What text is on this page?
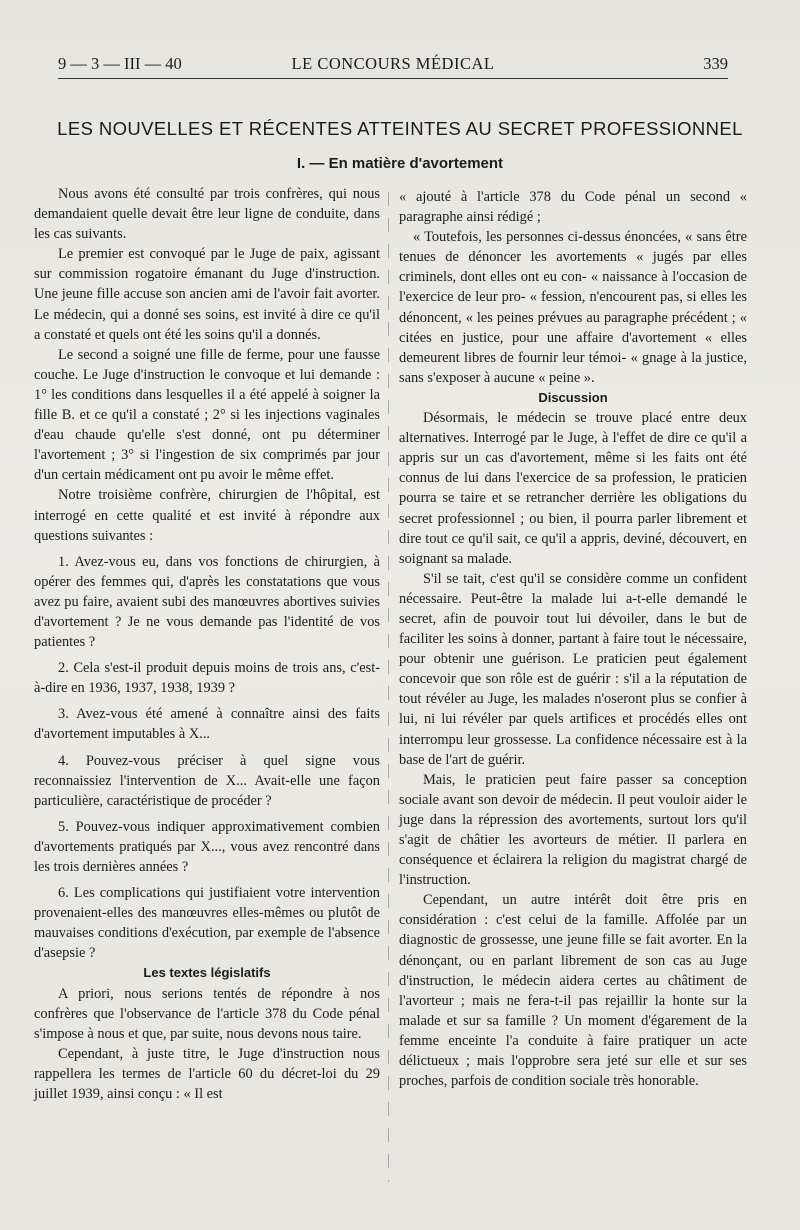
9 — 3 — III — 40	LE CONCOURS MÉDICAL	339
LES NOUVELLES ET RÉCENTES ATTEINTES AU SECRET PROFESSIONNEL
I. — En matière d'avortement

Nous avons été consulté par trois confrères, qui nous demandaient quelle devait être leur ligne de conduite, dans les cas suivants.

Le premier est convoqué par le Juge de paix, agissant sur commission rogatoire émanant du Juge d'instruction. Une jeune fille accuse son ancien ami de l'avoir fait avorter. Le médecin, qui a donné ses soins, est invité à dire ce qu'il a constaté et quels ont été les soins qu'il a donnés.

Le second a soigné une fille de ferme, pour une fausse couche. Le Juge d'instruction le convoque et lui demande : 1° les conditions dans lesquelles il a été appelé à soigner la fille B. et ce qu'il a constaté ; 2° si les injections vaginales d'eau chaude qu'elle s'est donné, ont pu déterminer l'avortement ; 3° si l'ingestion de six comprimés par jour d'un certain médicament ont pu avoir le même effet.

Notre troisième confrère, chirurgien de l'hôpital, est interrogé en cette qualité et est invité à répondre aux questions suivantes :

1. Avez-vous eu, dans vos fonctions de chirurgien, à opérer des femmes qui, d'après les constatations que vous avez pu faire, avaient subi des manœuvres abortives suivies d'avortement ? Je ne vous demande pas l'identité de vos patientes ?

2. Cela s'est-il produit depuis moins de trois ans, c'est-à-dire en 1936, 1937, 1938, 1939 ?

3. Avez-vous été amené à connaître ainsi des faits d'avortement imputables à X...

4. Pouvez-vous préciser à quel signe vous reconnaissiez l'intervention de X... Avait-elle une façon particulière, caractéristique de procéder ?

5. Pouvez-vous indiquer approximativement combien d'avortements pratiqués par X..., vous avez rencontré dans les trois dernières années ?

6. Les complications qui justifiaient votre intervention provenaient-elles des manœuvres elles-mêmes ou plutôt de mauvaises conditions d'exécution, par exemple de l'absence d'asepsie ?

Les textes législatifs

A priori, nous serions tentés de répondre à nos confrères que l'observance de l'article 378 du Code pénal s'impose à nous et que, par suite, nous devons nous taire.

Cependant, à juste titre, le Juge d'instruction nous rappellera les termes de l'article 60 du décret-loi du 29 juillet 1939, ainsi conçu : « Il est

« ajouté à l'article 378 du Code pénal un second « paragraphe ainsi rédigé ;

« Toutefois, les personnes ci-dessus énoncées, « sans être tenues de dénoncer les avortements « jugés par elles criminels, dont elles ont eu con- « naissance à l'occasion de l'exercice de leur pro- « fession, n'encourent pas, si elles les dénoncent, « les peines prévues au paragraphe précédent ; « citées en justice, pour une affaire d'avortement « elles demeurent libres de fournir leur témoi- « gnage à la justice, sans s'exposer à aucune « peine ».

Discussion

Désormais, le médecin se trouve placé entre deux alternatives. Interrogé par le Juge, à l'effet de dire ce qu'il a appris sur un cas d'avortement, même si les faits ont été connus de lui dans l'exercice de sa profession, le praticien pourra se taire et se retrancher derrière les obligations du secret professionnel ; ou bien, il pourra parler librement et dire tout ce qu'il sait, ce qu'il a appris, deviné, découvert, en soignant sa malade.

S'il se tait, c'est qu'il se considère comme un confident nécessaire. Peut-être la malade lui a-t-elle demandé le secret, afin de pouvoir tout lui dévoiler, dans le but de faciliter les soins à donner, partant à faire tout le nécessaire, pour obtenir une guérison. Le praticien peut également concevoir que son rôle est de guérir : s'il a la réputation de tout révéler au Juge, les malades n'oseront plus se confier à lui, ni lui révéler par quels artifices et procédés elles ont interrompu leur grossesse. La confidence nécessaire est à la base de l'art de guérir.

Mais, le praticien peut faire passer sa conception sociale avant son devoir de médecin. Il peut vouloir aider le juge dans la répression des avortements, surtout lors qu'il s'agit de châtier les avorteurs de métier. Il parlera en conséquence et éclairera la religion du magistrat chargé de l'instruction.

Cependant, un autre intérêt doit être pris en considération : c'est celui de la famille. Affolée par un diagnostic de grossesse, une jeune fille se fait avorter. En la dénonçant, ou en parlant librement de son cas au Juge d'instruction, le médecin aidera certes au châtiment de l'avorteur ; mais ne fera-t-il pas rejaillir la honte sur la malade et sur sa famille ? Un moment d'égarement de la femme enceinte l'a conduite à faire pratiquer un acte délictueux ; mais l'opprobre sera jeté sur elle et sur ses proches, parfois de condition sociale très honorable.
